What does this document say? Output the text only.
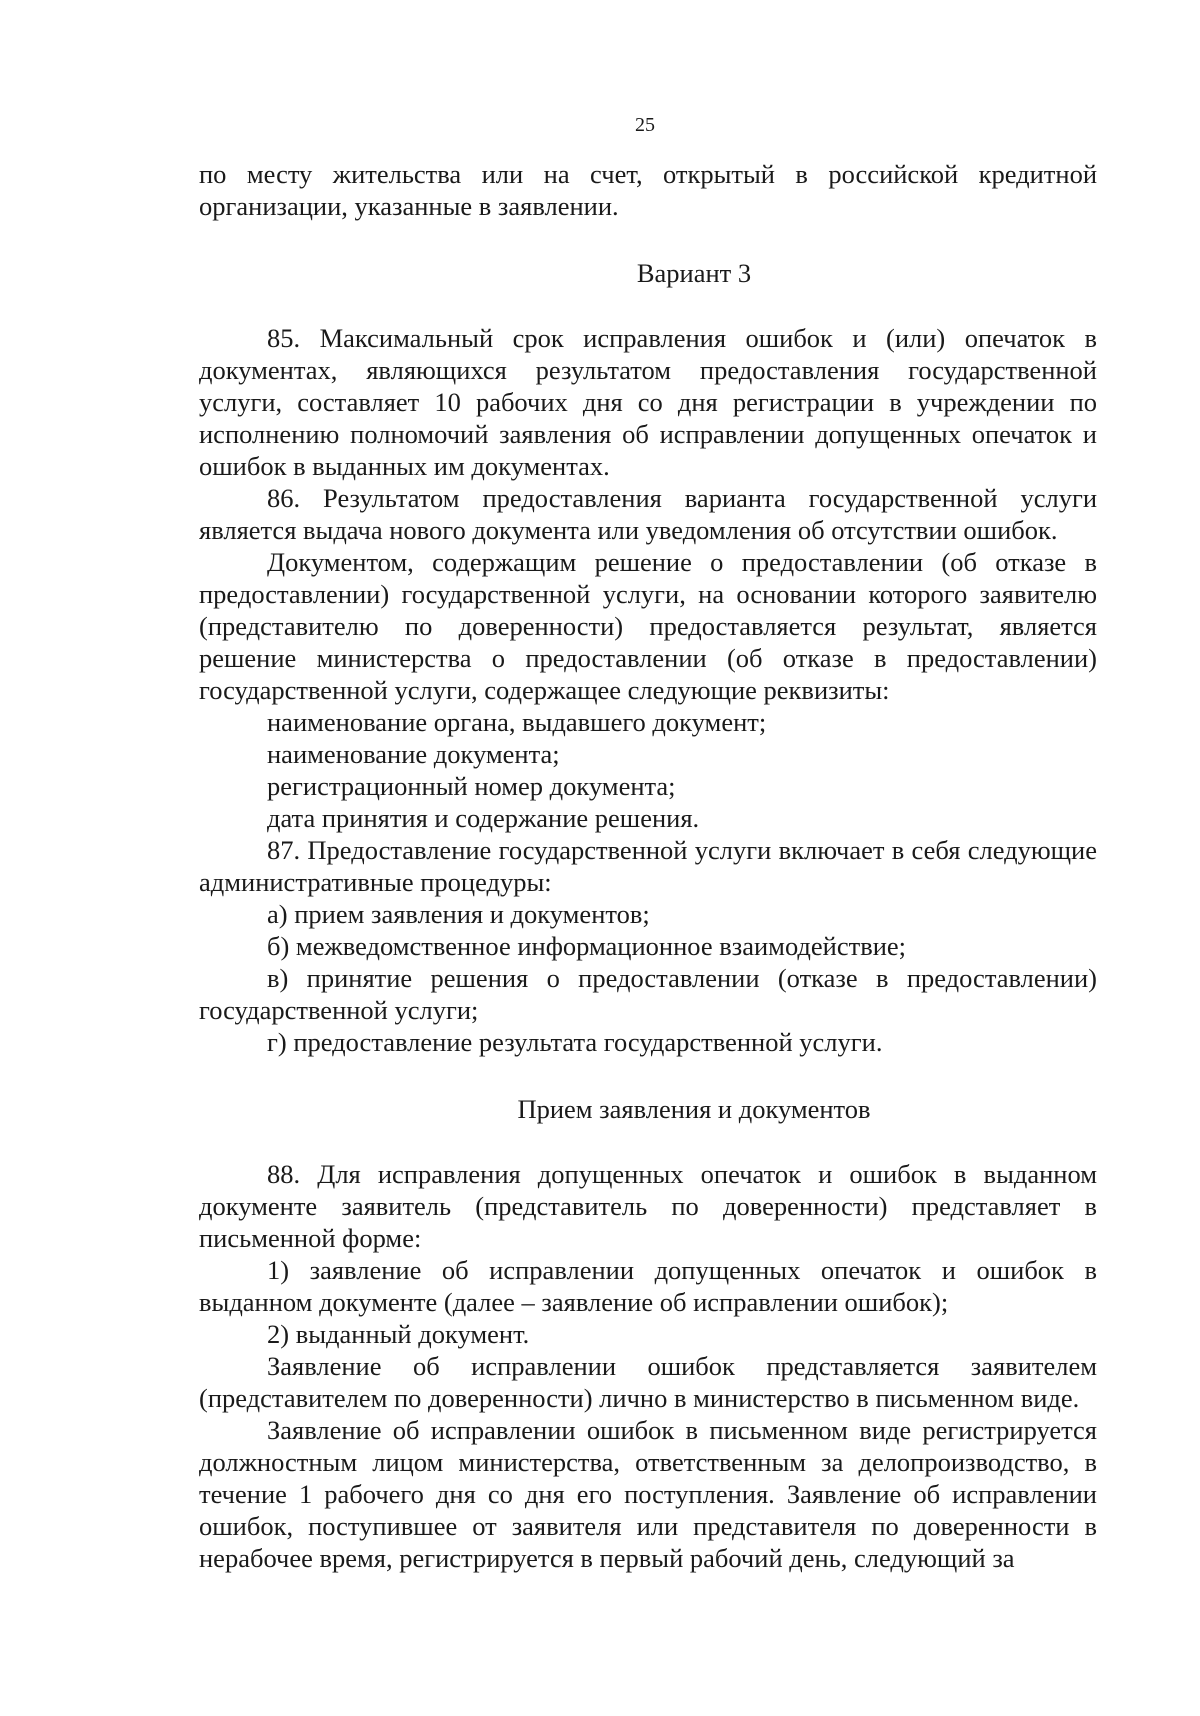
25

по месту жительства или на счет, открытый в российской кредитной организации, указанные в заявлении.

Вариант 3

85. Максимальный срок исправления ошибок и (или) опечаток в документах, являющихся результатом предоставления государственной услуги, составляет 10 рабочих дня со дня регистрации в учреждении по исполнению полномочий заявления об исправлении допущенных опечаток и ошибок в выданных им документах.

86. Результатом предоставления варианта государственной услуги является выдача нового документа или уведомления об отсутствии ошибок.

Документом, содержащим решение о предоставлении (об отказе в предоставлении) государственной услуги, на основании которого заявителю (представителю по доверенности) предоставляется результат, является решение министерства о предоставлении (об отказе в предоставлении) государственной услуги, содержащее следующие реквизиты:

наименование органа, выдавшего документ;

наименование документа;

регистрационный номер документа;

дата принятия и содержание решения.

87. Предоставление государственной услуги включает в себя следующие административные процедуры:

а) прием заявления и документов;

б) межведомственное информационное взаимодействие;

в) принятие решения о предоставлении (отказе в предоставлении) государственной услуги;

г) предоставление результата государственной услуги.

Прием заявления и документов

88. Для исправления допущенных опечаток и ошибок в выданном документе заявитель (представитель по доверенности) представляет в письменной форме:

1) заявление об исправлении допущенных опечаток и ошибок в выданном документе (далее – заявление об исправлении ошибок);

2) выданный документ.

Заявление об исправлении ошибок представляется заявителем (представителем по доверенности) лично в министерство в письменном виде.

Заявление об исправлении ошибок в письменном виде регистрируется должностным лицом министерства, ответственным за делопроизводство, в течение 1 рабочего дня со дня его поступления. Заявление об исправлении ошибок, поступившее от заявителя или представителя по доверенности в нерабочее время, регистрируется в первый рабочий день, следующий за
